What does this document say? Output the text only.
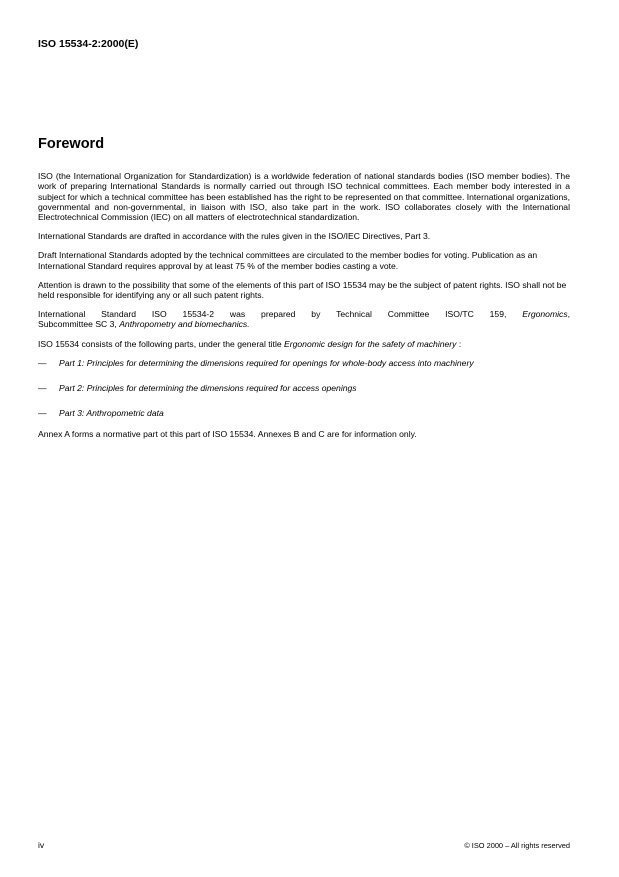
ISO 15534-2:2000(E)
Foreword

ISO (the International Organization for Standardization) is a worldwide federation of national standards bodies (ISO member bodies). The work of preparing International Standards is normally carried out through ISO technical committees. Each member body interested in a subject for which a technical committee has been established has the right to be represented on that committee. International organizations, governmental and non-governmental, in liaison with ISO, also take part in the work. ISO collaborates closely with the International Electrotechnical Commission (IEC) on all matters of electrotechnical standardization.

International Standards are drafted in accordance with the rules given in the ISO/IEC Directives, Part 3.

Draft International Standards adopted by the technical committees are circulated to the member bodies for voting. Publication as an International Standard requires approval by at least 75 % of the member bodies casting a vote.

Attention is drawn to the possibility that some of the elements of this part of ISO 15534 may be the subject of patent rights. ISO shall not be held responsible for identifying any or all such patent rights.

International Standard ISO 15534-2 was prepared by Technical Committee ISO/TC 159, Ergonomics,
Subcommittee SC 3, Anthropometry and biomechanics.

ISO 15534 consists of the following parts, under the general title Ergonomic design for the safety of machinery :

—	Part 1: Principles for determining the dimensions required for openings for whole-body access into machinery
—	Part 2: Principles for determining the dimensions required for access openings
—	Part 3: Anthropometric data

Annex A forms a normative part ot this part of ISO 15534. Annexes B and C are for information only.

iv	© ISO 2000 – All rights reserved
